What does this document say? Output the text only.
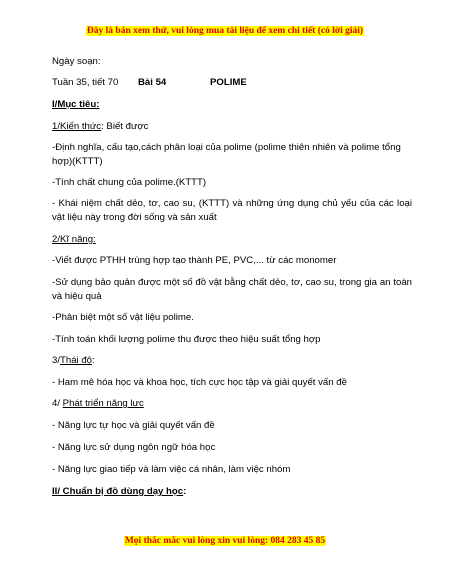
Đây là bản xem thử, vui lòng mua tài liệu để xem chi tiết (có lời giải)
Ngày soạn:
Tuần 35, tiết 70	Bài 54	POLIME
I/Mục tiêu:
1/Kiến thức: Biết được
-Định nghĩa, cấu tạo,cách phân loại của polime (polime thiên nhiên và polime tổng hợp)(KTTT)
-Tính chất chung của polime.(KTTT)
- Khái niệm chất dẻo, tơ, cao su, (KTTT) và những ứng dụng chủ yếu của các loại vật liệu này trong đời sống và sản xuất
2/Kĩ năng:
-Viết được PTHH trùng hợp tạo thành PE, PVC,... từ các monomer
-Sử dụng bảo quản được một số đồ vật bằng chất dẻo, tơ, cao su, trong gia an toàn và hiệu quả
-Phân biệt một số vật liệu polime.
-Tính toán khối lượng polime thu được theo hiệu suất tổng hợp
3/Thái độ:
- Ham mê hóa học và khoa học, tích cực học tập và giải quyết vấn đề
4/ Phát triển năng lực
- Năng lực tự học và giải quyết vấn đề
- Năng lực sử dụng ngôn ngữ hóa học
- Năng lực giao tiếp và làm việc cá nhân, làm việc nhóm
II/ Chuẩn bị đồ dùng dạy học:
Mọi thắc mắc vui lòng xin vui lòng: 084 283 45 85
